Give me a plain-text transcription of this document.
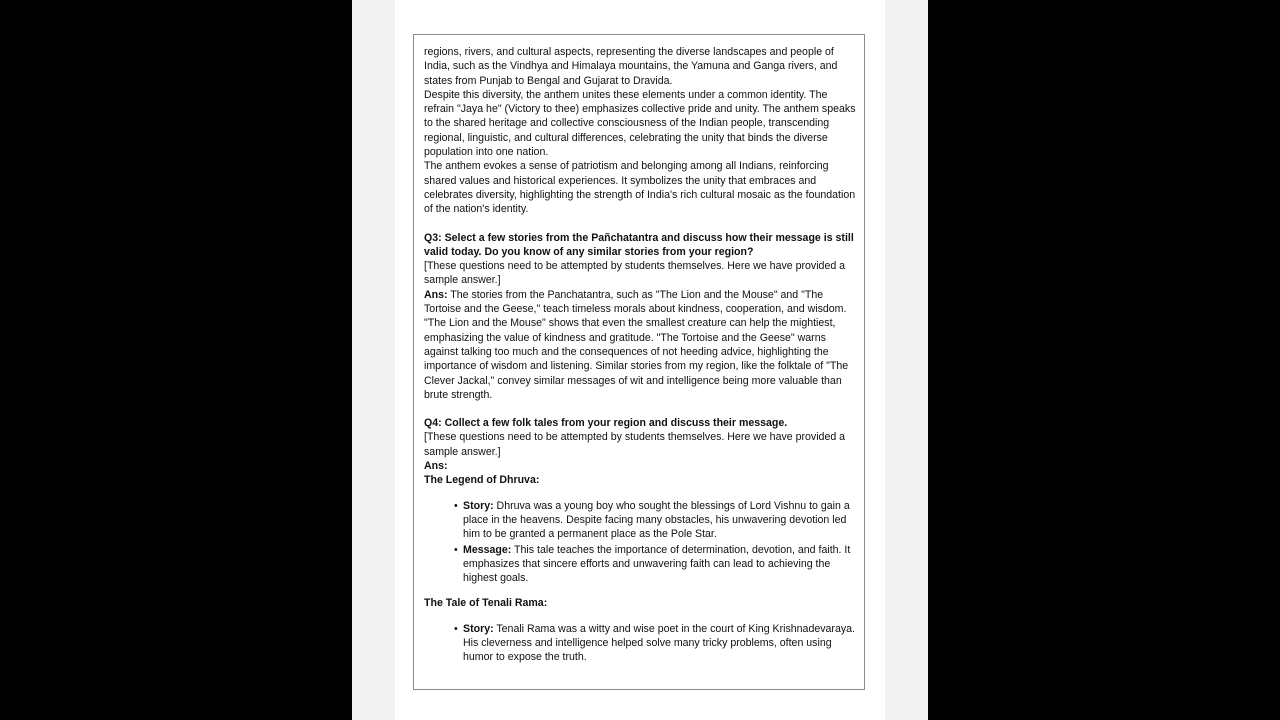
regions, rivers, and cultural aspects, representing the diverse landscapes and people of India, such as the Vindhya and Himalaya mountains, the Yamuna and Ganga rivers, and states from Punjab to Bengal and Gujarat to Dravida.

Despite this diversity, the anthem unites these elements under a common identity. The refrain "Jaya he" (Victory to thee) emphasizes collective pride and unity. The anthem speaks to the shared heritage and collective consciousness of the Indian people, transcending regional, linguistic, and cultural differences, celebrating the unity that binds the diverse population into one nation.

The anthem evokes a sense of patriotism and belonging among all Indians, reinforcing shared values and historical experiences. It symbolizes the unity that embraces and celebrates diversity, highlighting the strength of India's rich cultural mosaic as the foundation of the nation's identity.

Q3: Select a few stories from the Pañchatantra and discuss how their message is still valid today. Do you know of any similar stories from your region?

[These questions need to be attempted by students themselves. Here we have provided a sample answer.]

Ans: The stories from the Panchatantra, such as "The Lion and the Mouse" and "The Tortoise and the Geese," teach timeless morals about kindness, cooperation, and wisdom. "The Lion and the Mouse" shows that even the smallest creature can help the mightiest, emphasizing the value of kindness and gratitude. "The Tortoise and the Geese" warns against talking too much and the consequences of not heeding advice, highlighting the importance of wisdom and listening. Similar stories from my region, like the folktale of "The Clever Jackal," convey similar messages of wit and intelligence being more valuable than brute strength.

Q4: Collect a few folk tales from your region and discuss their message.

[These questions need to be attempted by students themselves. Here we have provided a sample answer.]

Ans:

The Legend of Dhruva:

• Story: Dhruva was a young boy who sought the blessings of Lord Vishnu to gain a place in the heavens. Despite facing many obstacles, his unwavering devotion led him to be granted a permanent place as the Pole Star.
• Message: This tale teaches the importance of determination, devotion, and faith. It emphasizes that sincere efforts and unwavering faith can lead to achieving the highest goals.

The Tale of Tenali Rama:

• Story: Tenali Rama was a witty and wise poet in the court of King Krishnadevaraya. His cleverness and intelligence helped solve many tricky problems, often using humor to expose the truth.
